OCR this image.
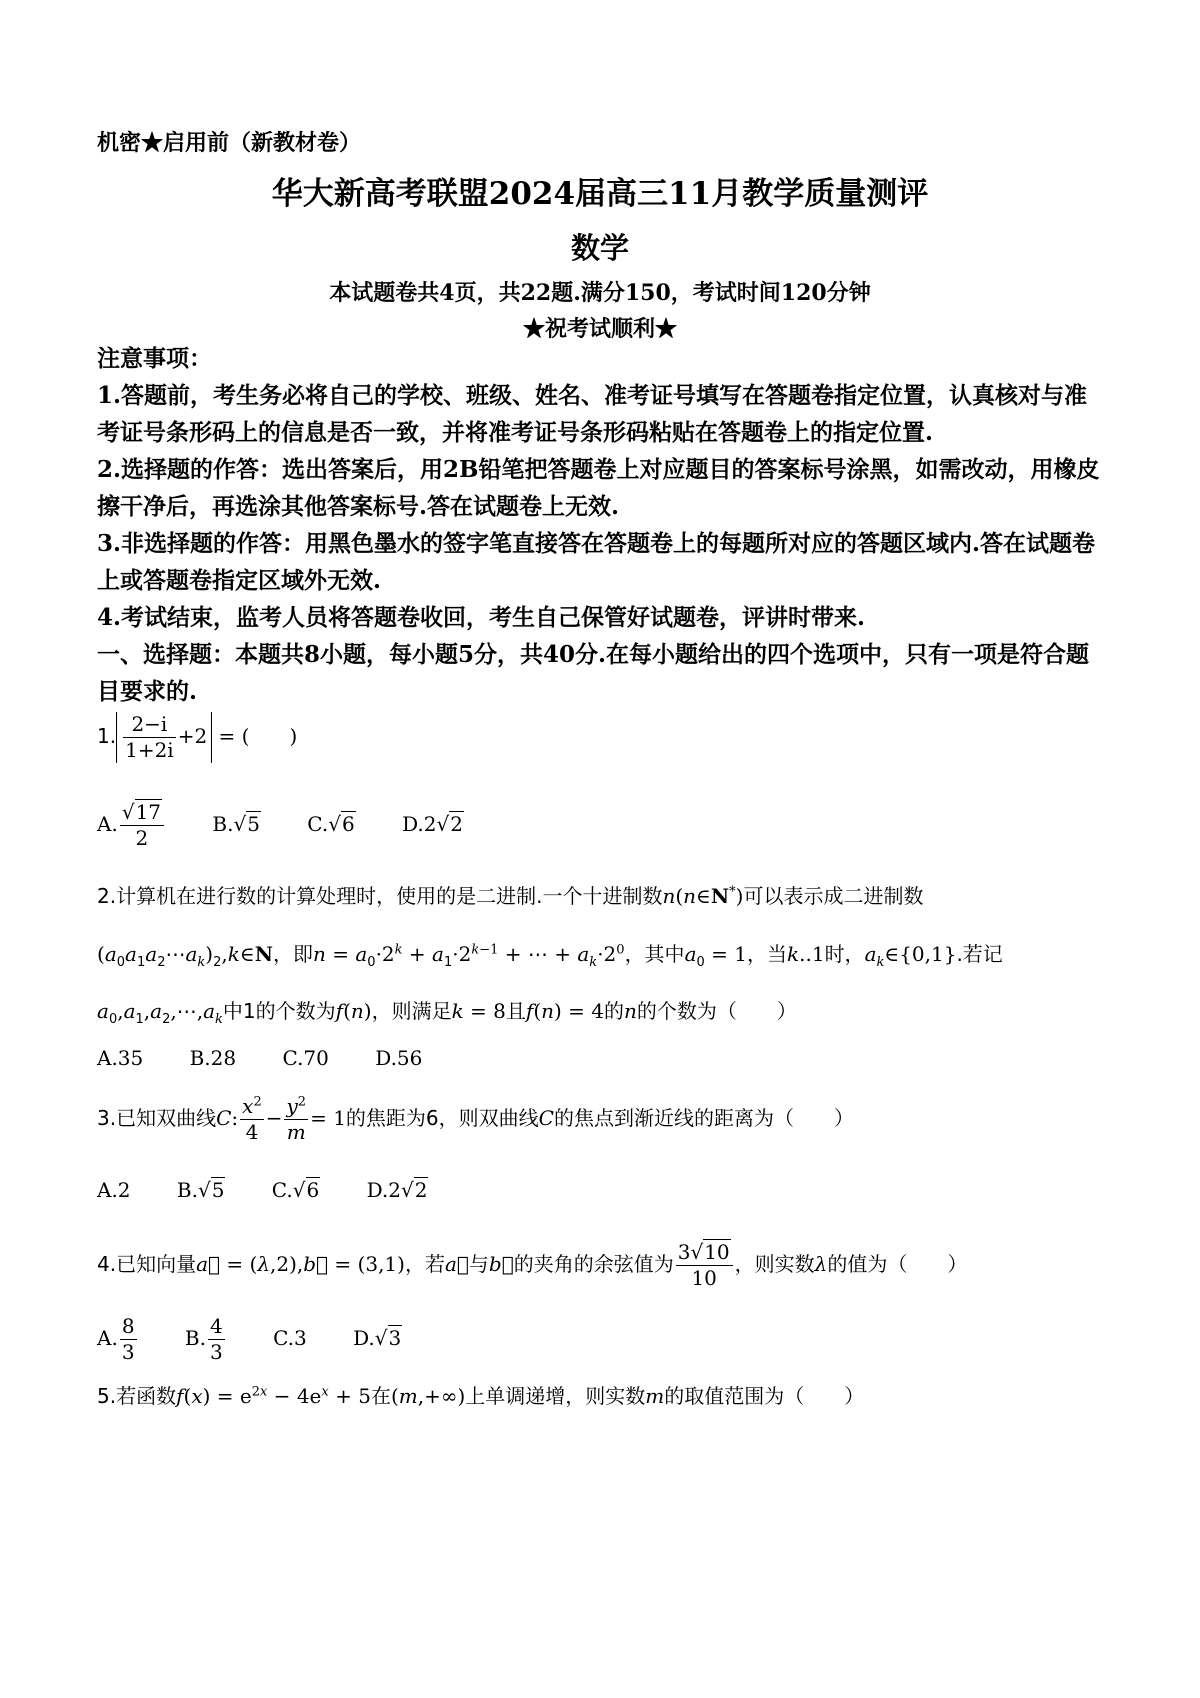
机密★启用前（新教材卷）
华大新高考联盟2024届高三11月教学质量测评
数学
本试题卷共4页，共22题.满分150，考试时间120分钟
★祝考试顺利★
注意事项：
1.答题前，考生务必将自己的学校、班级、姓名、准考证号填写在答题卷指定位置，认真核对与准考证号条形码上的信息是否一致，并将准考证号条形码粘贴在答题卷上的指定位置.
2.选择题的作答：选出答案后，用2B铅笔把答题卷上对应题目的答案标号涂黑，如需改动，用橡皮擦干净后，再选涂其他答案标号.答在试题卷上无效.
3.非选择题的作答：用黑色墨水的签字笔直接答在答题卷上的每题所对应的答题区域内.答在试题卷上或答题卷指定区域外无效.
4.考试结束，监考人员将答题卷收回，考生自己保管好试题卷，评讲时带来.
一、选择题：本题共8小题，每小题5分，共40分.在每小题给出的四个选项中，只有一项是符合题目要求的.
1. $\frac{2-i}{1+2i} +2$ = (　　)
A. $\frac{√17}{2} B.√5$ C.√6 D.2√2
2.计算机在进行数的计算处理时，使用的是二进制.一个十进制数n(n∈N*)可以表示成二进制数
$(a_0a_1a_2\cdots a_k)_2,k\in N$，即$n = a_0\cdot 2^k + a_1\cdot 2^{k-1}$ + ⋯ + $a_k\cdot 2^0$，其中$a_0 = 1$，当k..1时，$a_k\in\{0,1\}$.若记
$a_0,a_1,a_2,\cdots,a_k$中1的个数为f(n)，则满足k = 8且f(n) = 4的n的个数为（　　）
A.35 B.28 C.70 D.56
3.已知双曲线C: $\frac{x^2}{4} - \frac{y^2}{m} = 1$的焦距为6，则双曲线C的焦点到渐近线的距离为（　　）
A.2 B.√5 C.√6 D.2√2
4.已知向量a⃗ = (λ,2),b⃗ = (3,1)，若a⃗与b⃗的夹角的余弦值为 $\frac{3√10}{10}$ ，则实数λ的值为（　　）
A. $\frac{8}{3} B$. $\frac{4}{3} C.3$ D.√3
5.若函数$f(x) = e^{2x} - 4e^x + 5$在(m,+∞)上单调递增，则实数m的取值范围为（　　）
